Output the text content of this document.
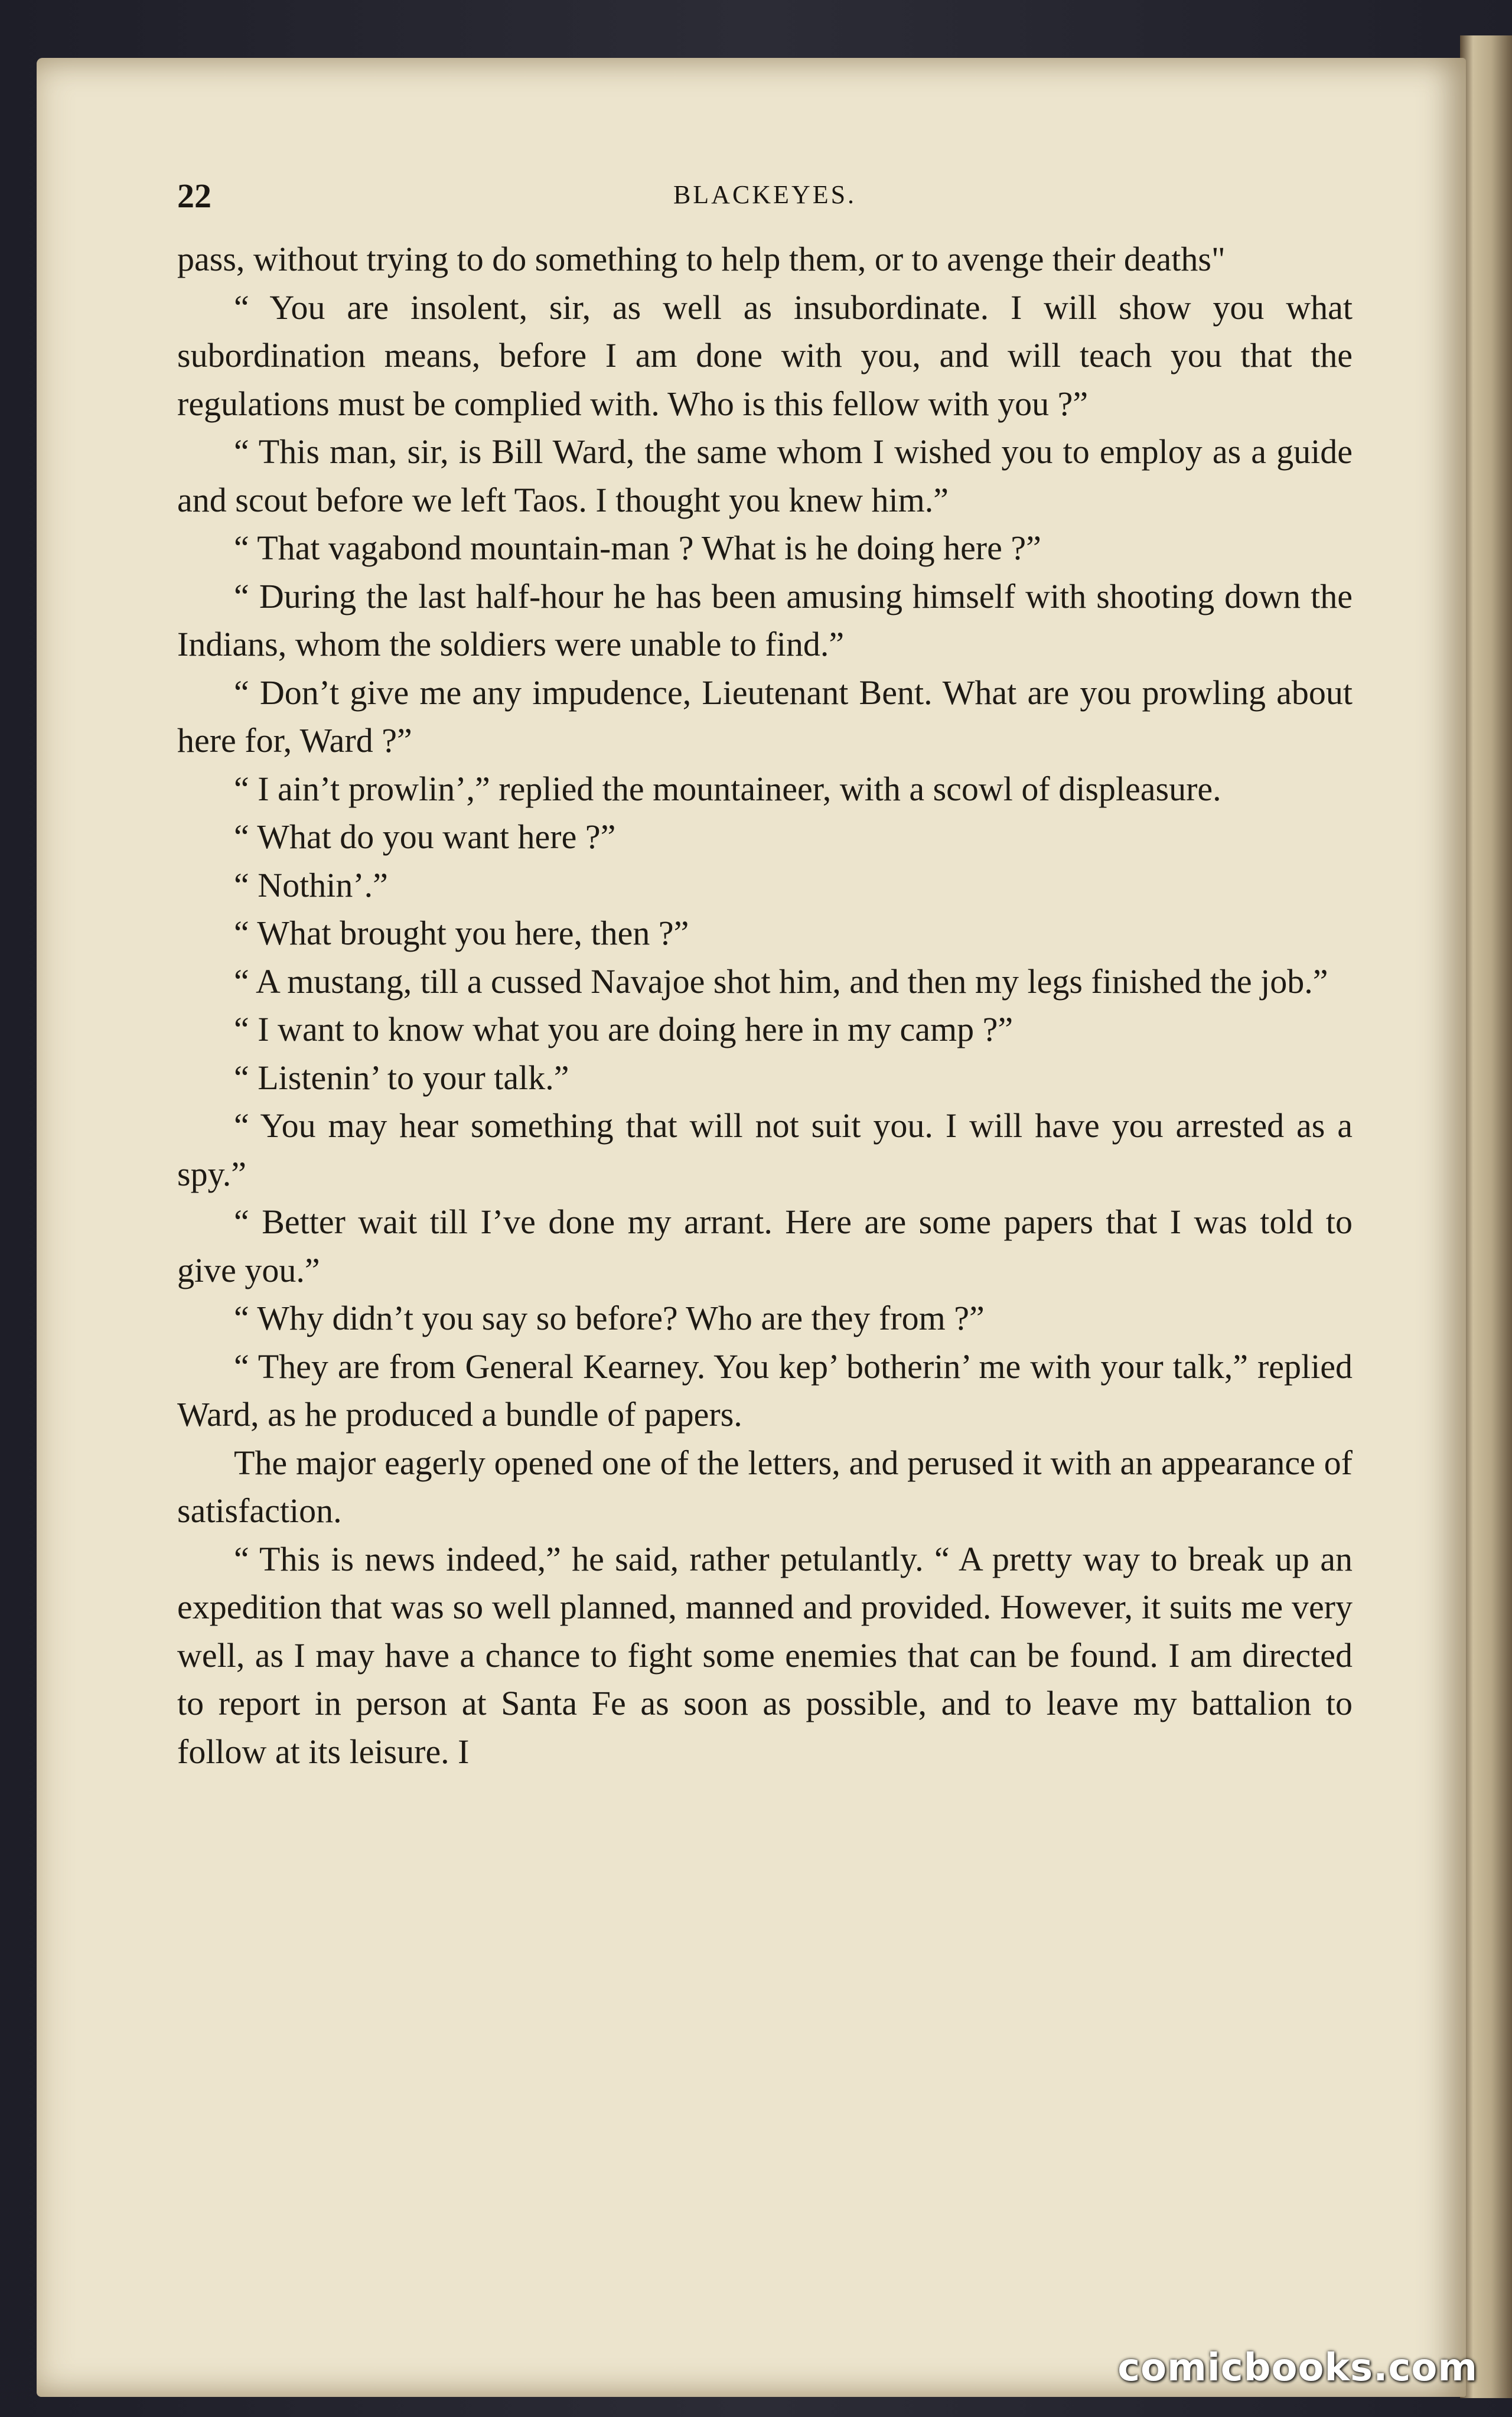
22	BLACKEYES.

pass, without trying to do something to help them, or to avenge their deaths"

“ You are insolent, sir, as well as insubordinate. I will show you what subordination means, before I am done with you, and will teach you that the regulations must be complied with. Who is this fellow with you ?”

“ This man, sir, is Bill Ward, the same whom I wished you to employ as a guide and scout before we left Taos. I thought you knew him.”

“ That vagabond mountain-man ? What is he doing here ?”

“ During the last half-hour he has been amusing himself with shooting down the Indians, whom the soldiers were unable to find.”

“ Don’t give me any impudence, Lieutenant Bent. What are you prowling about here for, Ward ?”

“ I ain’t prowlin’,” replied the mountaineer, with a scowl of displeasure.

“ What do you want here ?”

“ Nothin’.”

“ What brought you here, then ?”

“ A mustang, till a cussed Navajoe shot him, and then my legs finished the job.”

“ I want to know what you are doing here in my camp ?”

“ Listenin’ to your talk.”

“ You may hear something that will not suit you. I will have you arrested as a spy.”

“ Better wait till I’ve done my arrant. Here are some papers that I was told to give you.”

“ Why didn’t you say so before? Who are they from ?”

“ They are from General Kearney. You kep’ botherin’ me with your talk,” replied Ward, as he produced a bundle of papers.

The major eagerly opened one of the letters, and perused it with an appearance of satisfaction.

“ This is news indeed,” he said, rather petulantly. “ A pretty way to break up an expedition that was so well planned, manned and provided. However, it suits me very well, as I may have a chance to fight some enemies that can be found. I am directed to report in person at Santa Fe as soon as possible, and to leave my battalion to follow at its leisure. I

comicbooks.com
